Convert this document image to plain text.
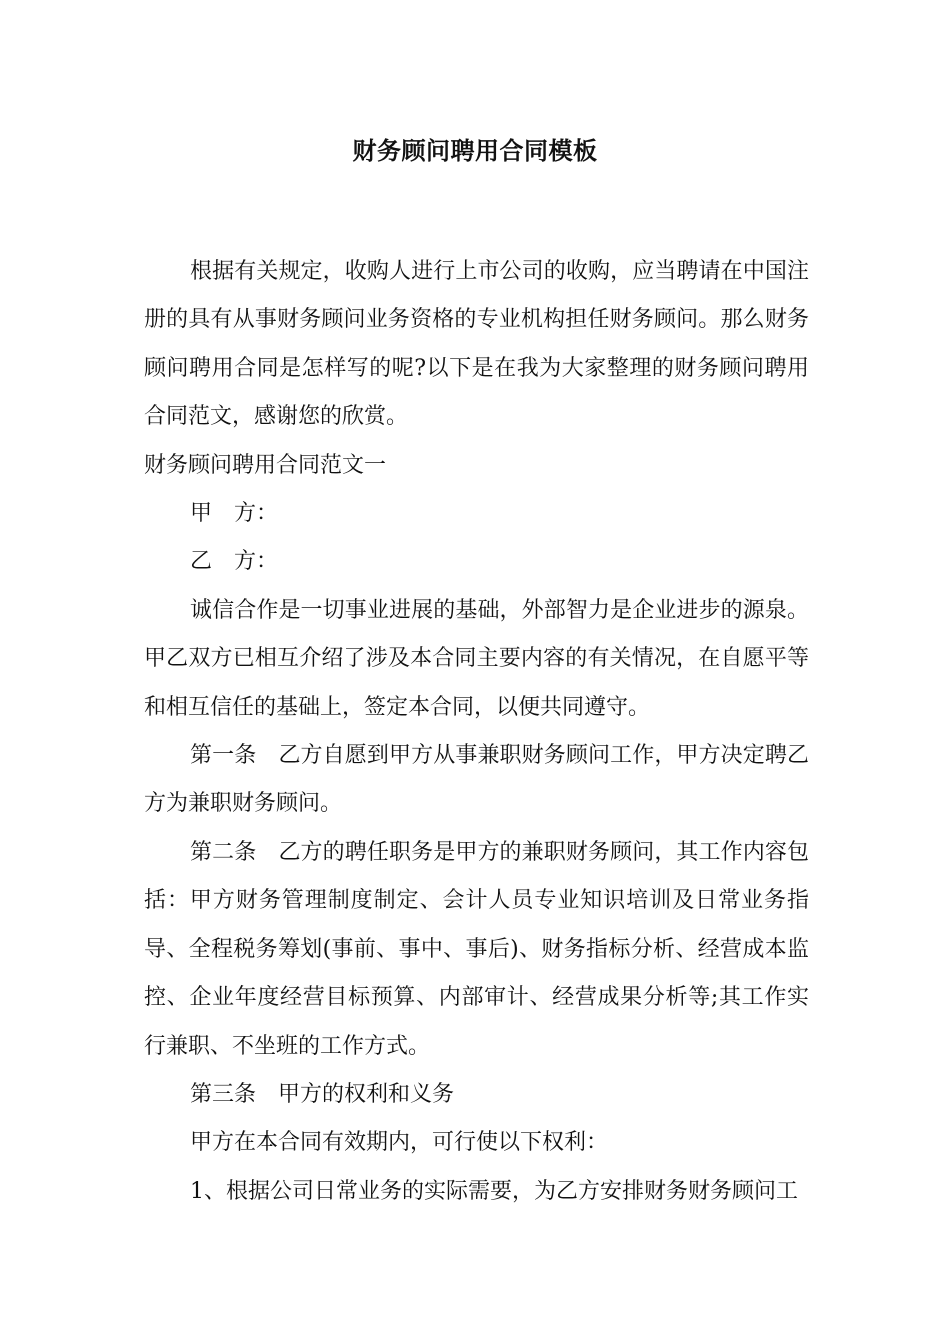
财务顾问聘用合同模板

根据有关规定，收购人进行上市公司的收购，应当聘请在中国注册的具有从事财务顾问业务资格的专业机构担任财务顾问。那么财务顾问聘用合同是怎样写的呢?以下是在我为大家整理的财务顾问聘用合同范文，感谢您的欣赏。

财务顾问聘用合同范文一

甲　方：

乙　方：

诚信合作是一切事业进展的基础，外部智力是企业进步的源泉。甲乙双方已相互介绍了涉及本合同主要内容的有关情况，在自愿平等和相互信任的基础上，签定本合同，以便共同遵守。

第一条　乙方自愿到甲方从事兼职财务顾问工作，甲方决定聘乙方为兼职财务顾问。

第二条　乙方的聘任职务是甲方的兼职财务顾问，其工作内容包括：甲方财务管理制度制定、会计人员专业知识培训及日常业务指导、全程税务筹划(事前、事中、事后)、财务指标分析、经营成本监控、企业年度经营目标预算、内部审计、经营成果分析等;其工作实行兼职、不坐班的工作方式。

第三条　甲方的权利和义务

甲方在本合同有效期内，可行使以下权利：

1、根据公司日常业务的实际需要，为乙方安排财务财务顾问工
